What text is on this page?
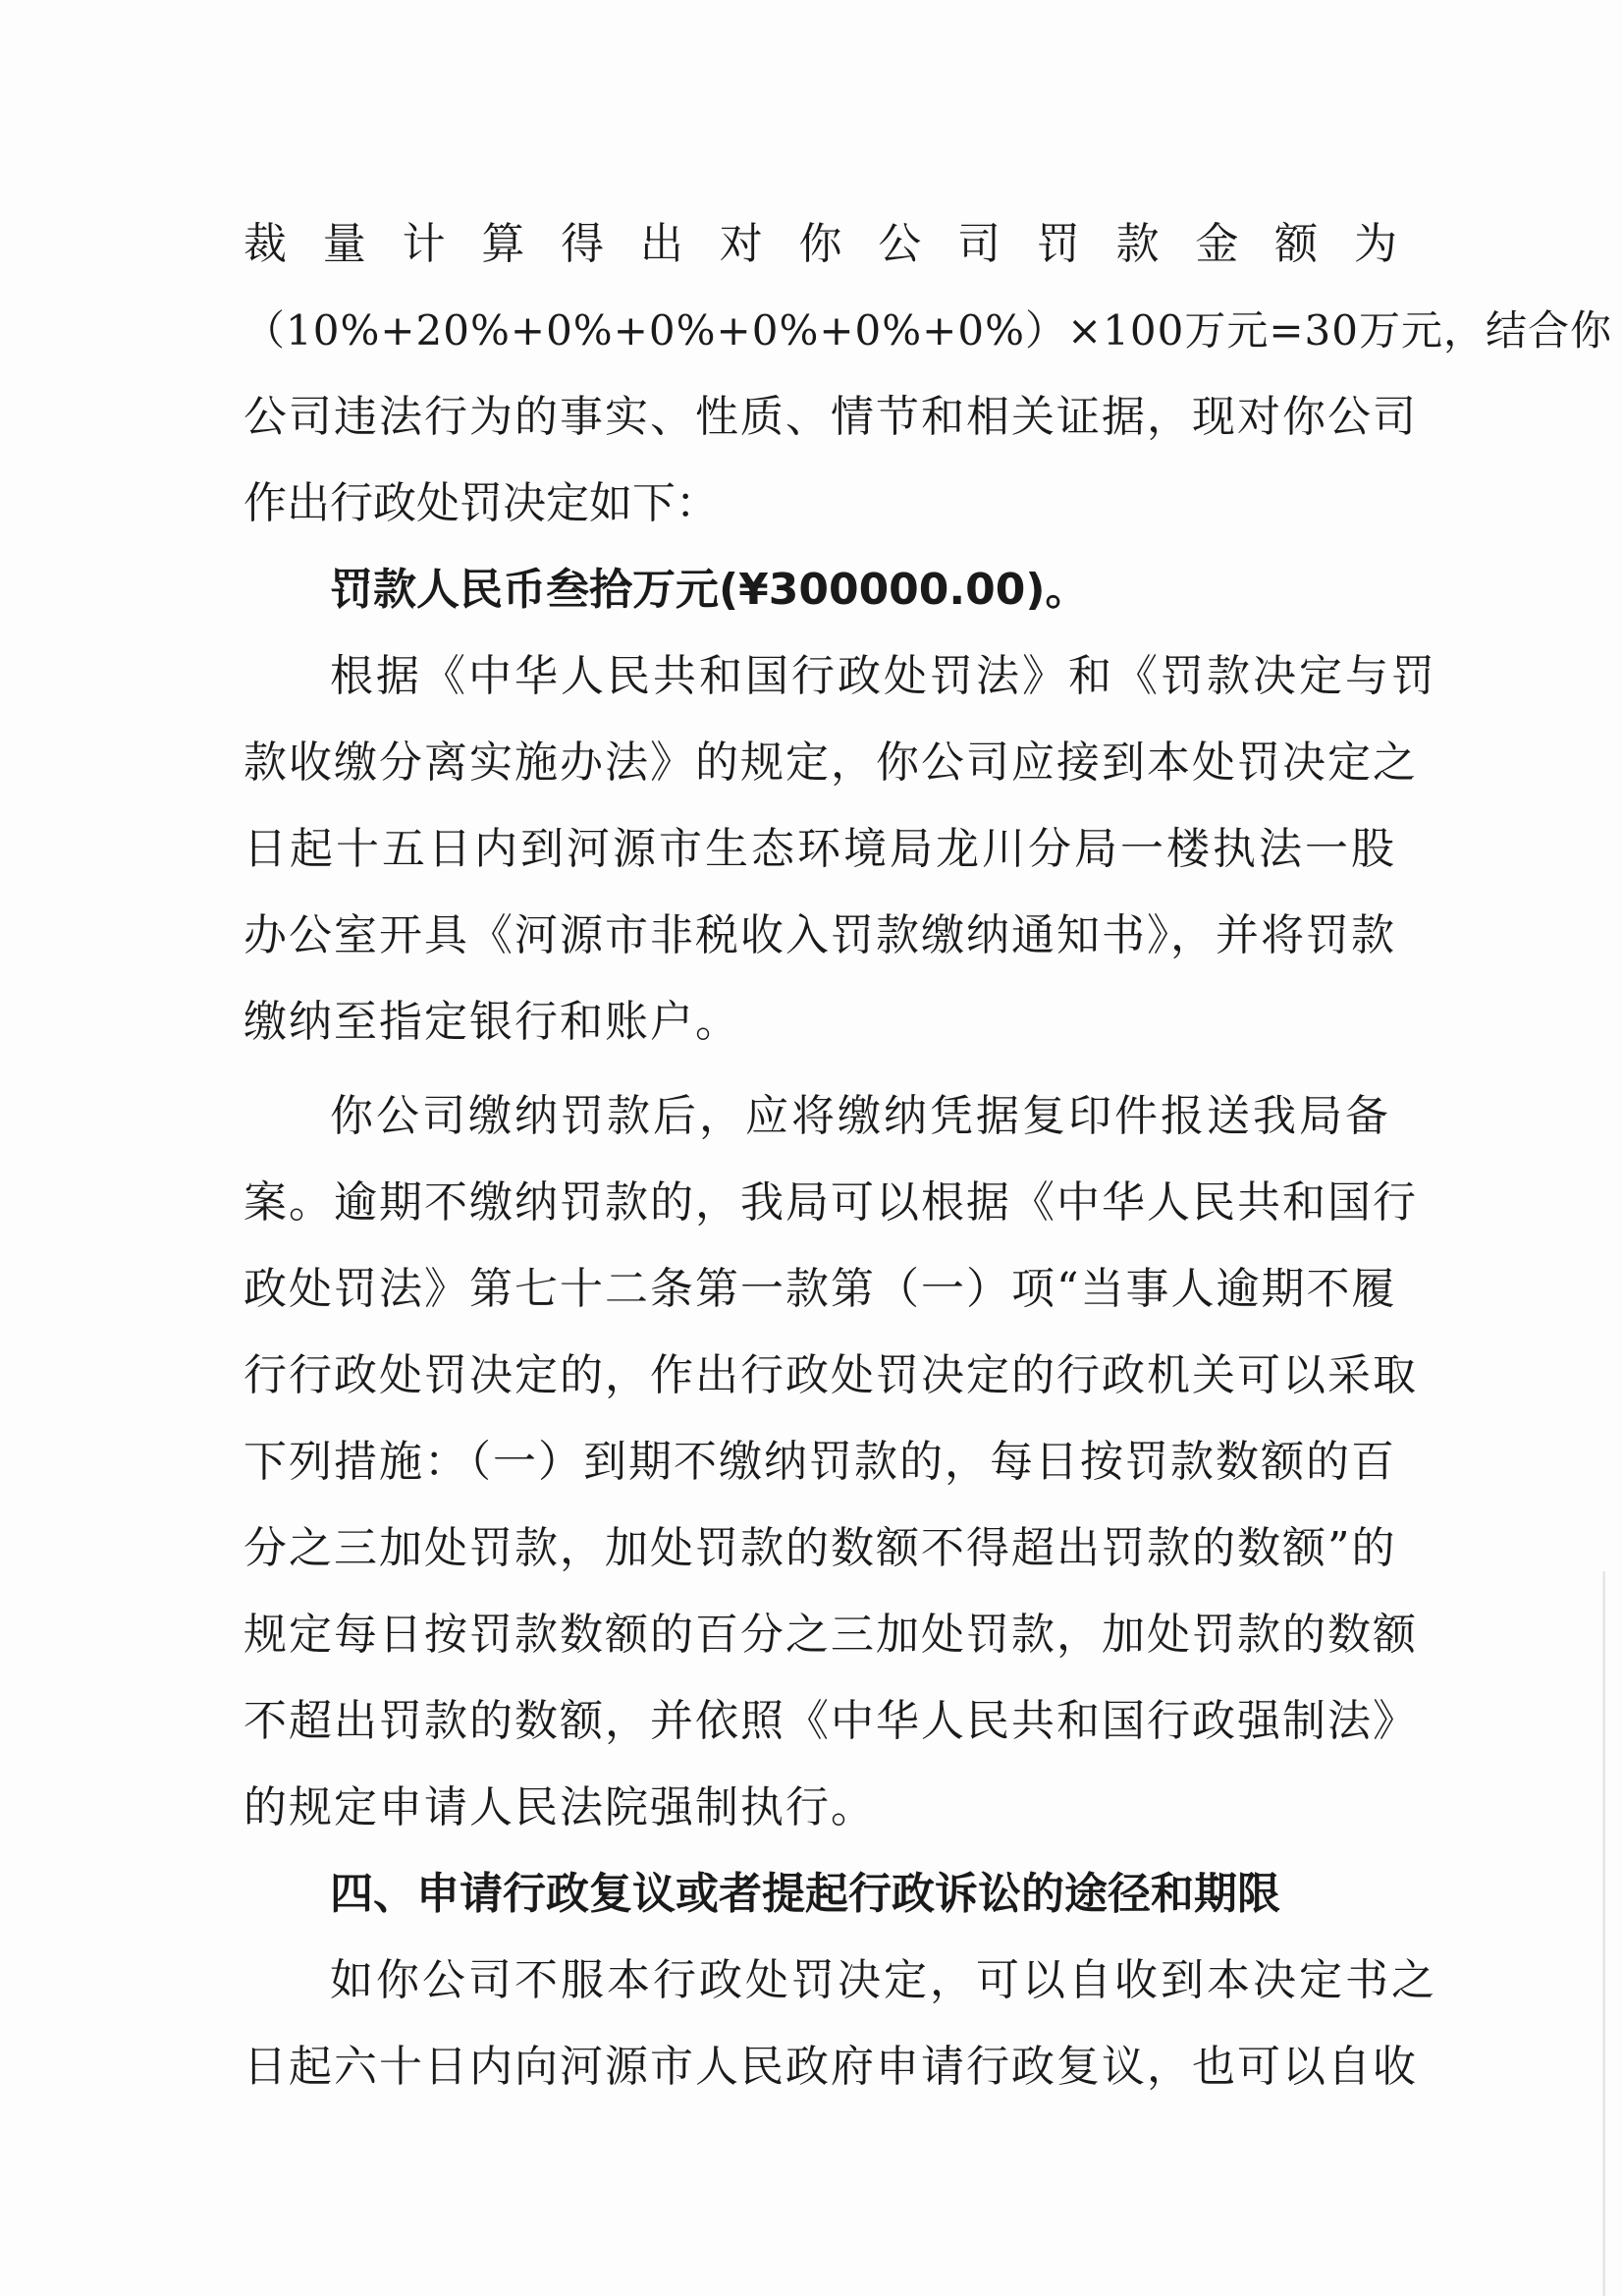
裁 量 计 算 得 出 对 你 公 司 罚 款 金 额 为
（10%+20%+0%+0%+0%+0%+0%）×100万元=30万元，结合你
公司违法行为的事实、性质、情节和相关证据，现对你公司
作出行政处罚决定如下：
罚款人民币叁拾万元(¥300000.00)。
根据《中华人民共和国行政处罚法》和《罚款决定与罚
款收缴分离实施办法》的规定，你公司应接到本处罚决定之
日起十五日内到河源市生态环境局龙川分局一楼执法一股
办公室开具《河源市非税收入罚款缴纳通知书》，并将罚款
缴纳至指定银行和账户。
你公司缴纳罚款后，应将缴纳凭据复印件报送我局备
案。逾期不缴纳罚款的，我局可以根据《中华人民共和国行
政处罚法》第七十二条第一款第（一）项“当事人逾期不履
行行政处罚决定的，作出行政处罚决定的行政机关可以采取
下列措施：（一）到期不缴纳罚款的，每日按罚款数额的百
分之三加处罚款，加处罚款的数额不得超出罚款的数额”的
规定每日按罚款数额的百分之三加处罚款，加处罚款的数额
不超出罚款的数额，并依照《中华人民共和国行政强制法》
的规定申请人民法院强制执行。
四、申请行政复议或者提起行政诉讼的途径和期限
如你公司不服本行政处罚决定，可以自收到本决定书之
日起六十日内向河源市人民政府申请行政复议，也可以自收
